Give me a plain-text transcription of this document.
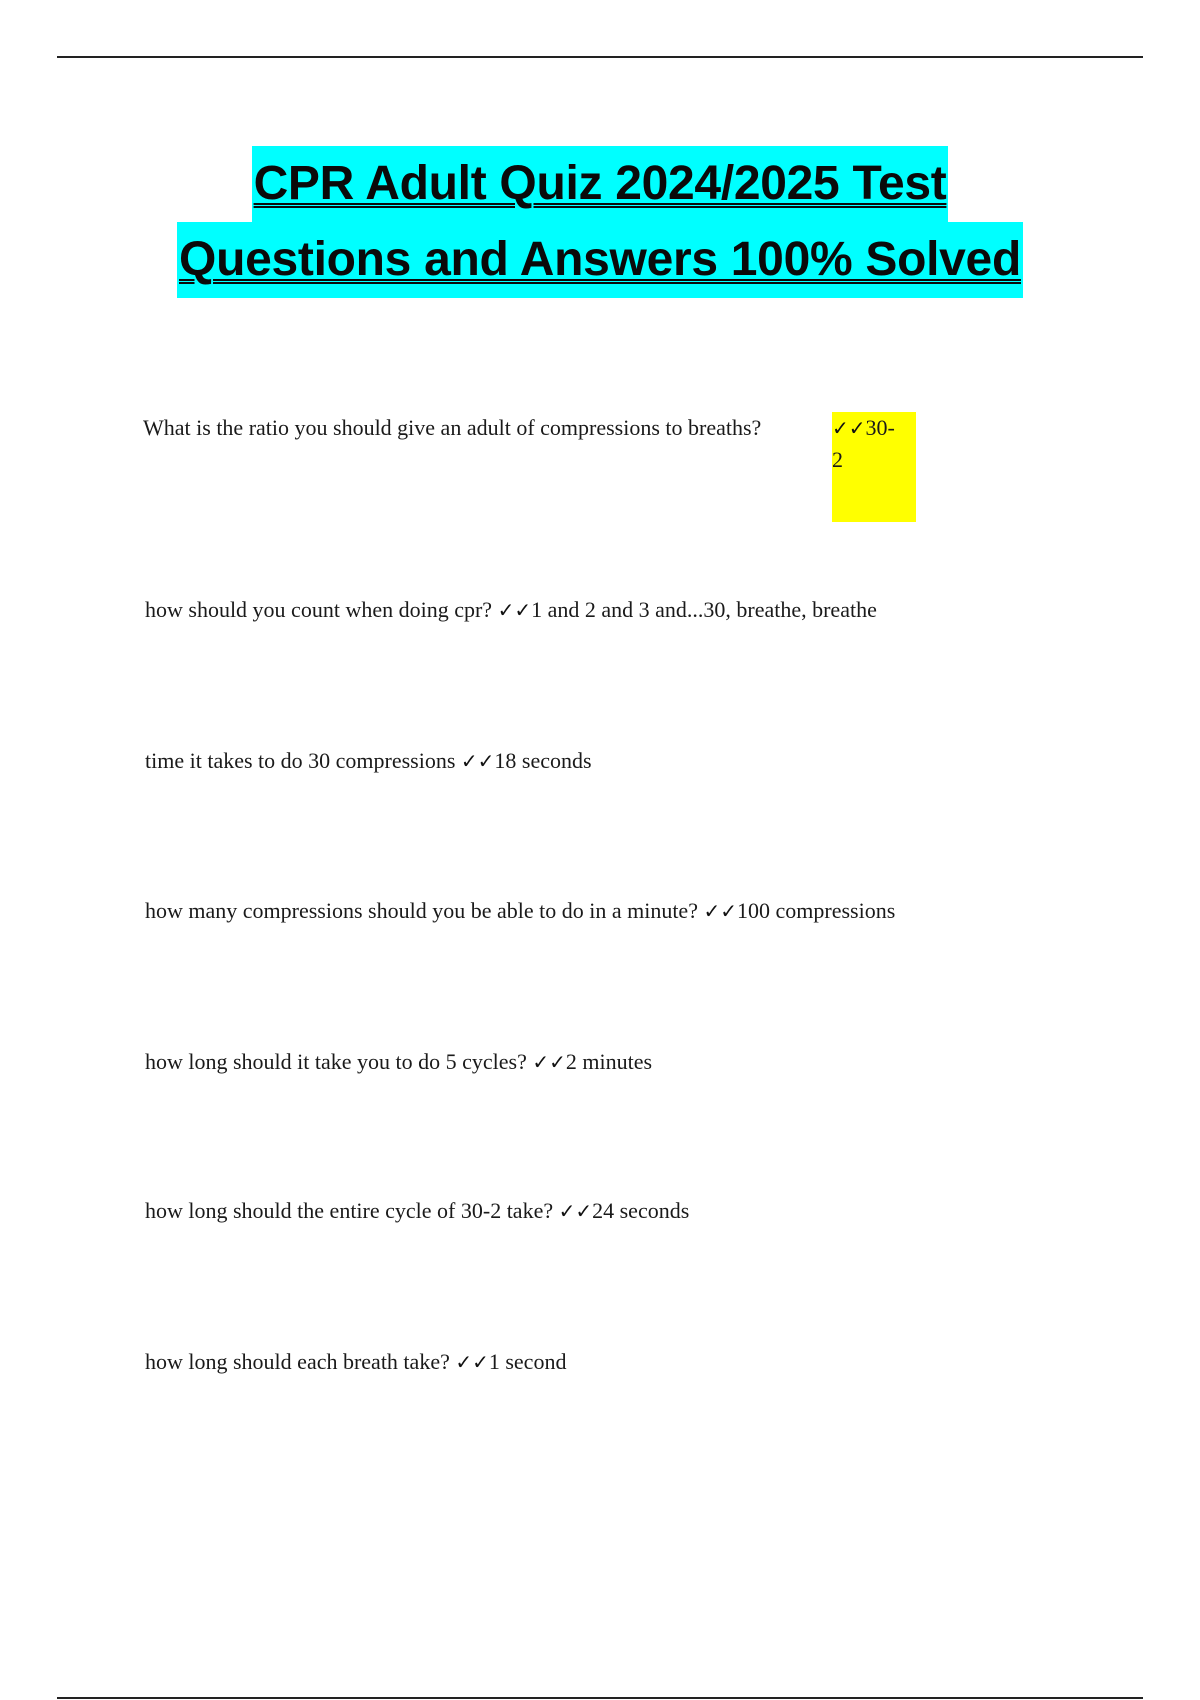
CPR Adult Quiz 2024/2025 Test
Questions and Answers 100% Solved
What is the ratio you should give an adult of compressions to breaths?	✓✓30-
2
how should you count when doing cpr? ✓✓1 and 2 and 3 and...30, breathe, breathe
time it takes to do 30 compressions ✓✓18 seconds
how many compressions should you be able to do in a minute? ✓✓100 compressions
how long should it take you to do 5 cycles? ✓✓2 minutes
how long should the entire cycle of 30-2 take? ✓✓24 seconds
how long should each breath take? ✓✓1 second
